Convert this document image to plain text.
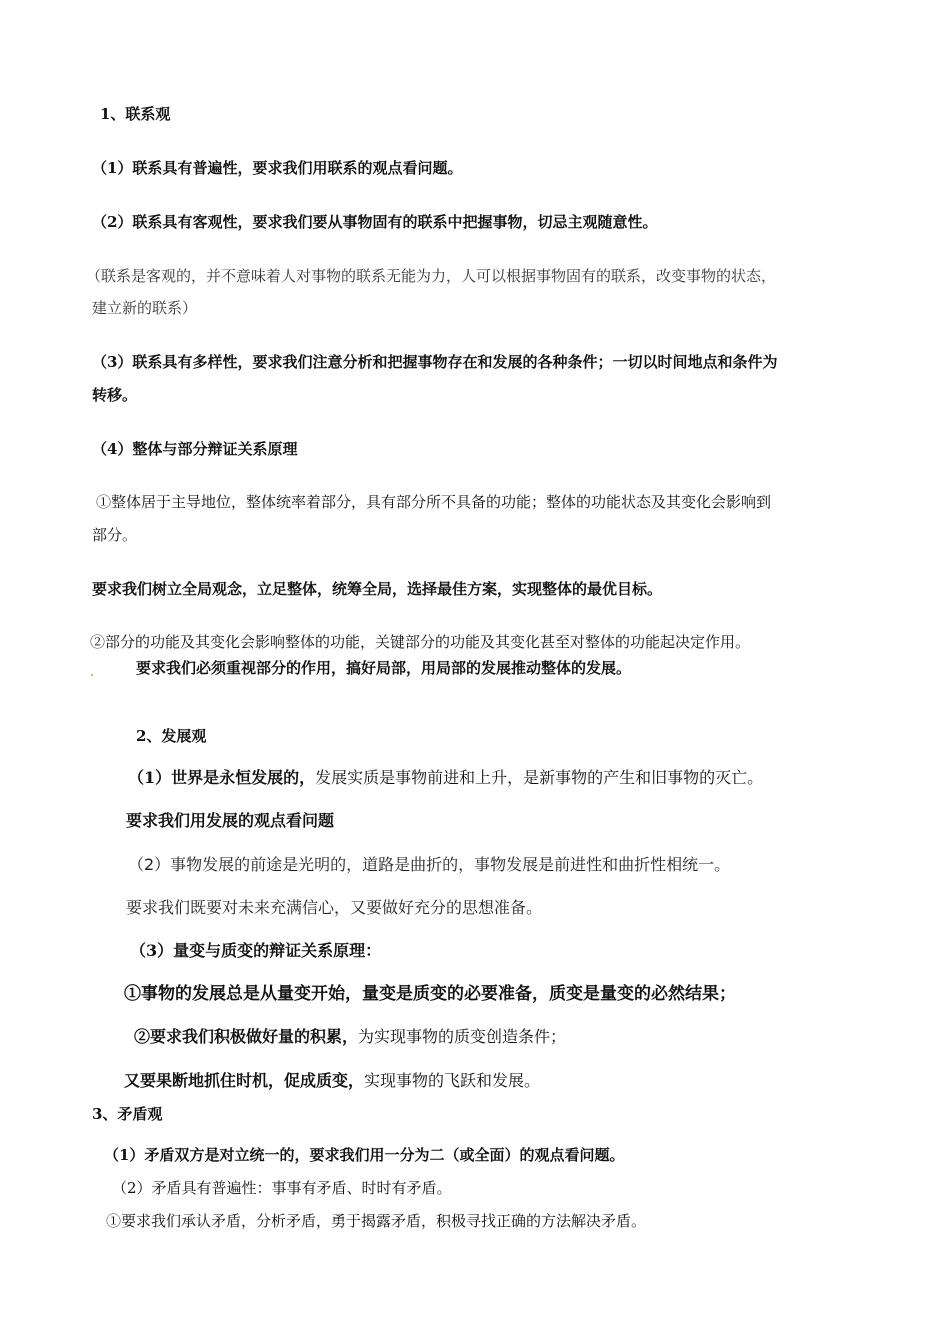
1、联系观
（1）联系具有普遍性，要求我们用联系的观点看问题。
（2）联系具有客观性，要求我们要从事物固有的联系中把握事物，切忌主观随意性。
（联系是客观的，并不意味着人对事物的联系无能为力，人可以根据事物固有的联系，改变事物的状态，
建立新的联系）
（3）联系具有多样性，要求我们注意分析和把握事物存在和发展的各种条件；一切以时间地点和条件为
转移。
（4）整体与部分辩证关系原理
①整体居于主导地位，整体统率着部分，具有部分所不具备的功能；整体的功能状态及其变化会影响到
部分。
要求我们树立全局观念，立足整体，统筹全局，选择最佳方案，实现整体的最优目标。
②部分的功能及其变化会影响整体的功能，关键部分的功能及其变化甚至对整体的功能起决定作用。
要求我们必须重视部分的作用，搞好局部，用局部的发展推动整体的发展。
2、发展观
（1）世界是永恒发展的，发展实质是事物前进和上升，是新事物的产生和旧事物的灭亡。
要求我们用发展的观点看问题
（2）事物发展的前途是光明的，道路是曲折的，事物发展是前进性和曲折性相统一。
要求我们既要对未来充满信心，又要做好充分的思想准备。
（3）量变与质变的辩证关系原理：
①事物的发展总是从量变开始，量变是质变的必要准备，质变是量变的必然结果；
②要求我们积极做好量的积累，为实现事物的质变创造条件；
又要果断地抓住时机，促成质变，实现事物的飞跃和发展。
3、矛盾观
（1）矛盾双方是对立统一的，要求我们用一分为二（或全面）的观点看问题。
（2）矛盾具有普遍性：事事有矛盾、时时有矛盾。
①要求我们承认矛盾，分析矛盾，勇于揭露矛盾，积极寻找正确的方法解决矛盾。
